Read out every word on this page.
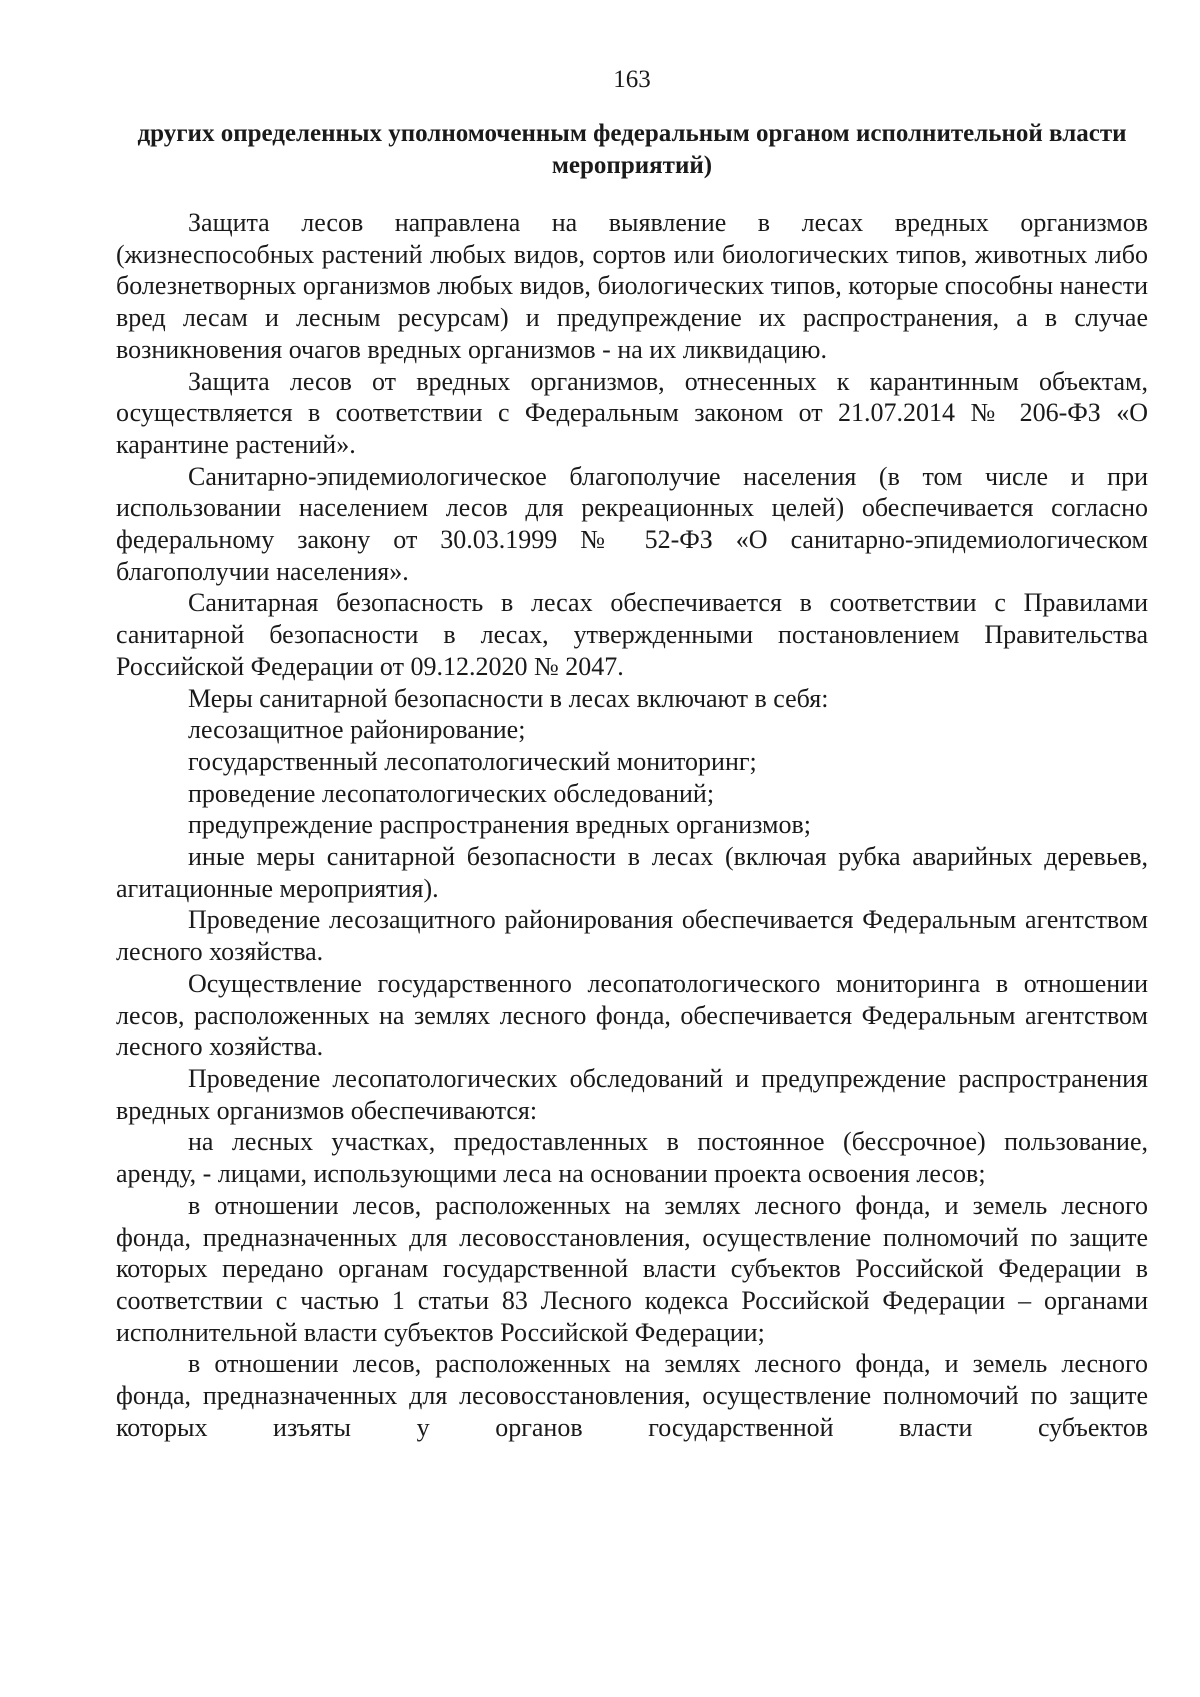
163
других определенных уполномоченным федеральным органом исполнительной власти мероприятий)

Защита лесов направлена на выявление в лесах вредных организмов (жизнеспособных растений любых видов, сортов или биологических типов, животных либо болезнетворных организмов любых видов, биологических типов, которые способны нанести вред лесам и лесным ресурсам) и предупреждение их распространения, а в случае возникновения очагов вредных организмов - на их ликвидацию.

Защита лесов от вредных организмов, отнесенных к карантинным объектам, осуществляется в соответствии с Федеральным законом от 21.07.2014 № 206-ФЗ «О карантине растений».

Санитарно-эпидемиологическое благополучие населения (в том числе и при использовании населением лесов для рекреационных целей) обеспечивается согласно федеральному закону от 30.03.1999 № 52-ФЗ «О санитарно-эпидемиологическом благополучии населения».

Санитарная безопасность в лесах обеспечивается в соответствии с Правилами санитарной безопасности в лесах, утвержденными постановлением Правительства Российской Федерации от 09.12.2020 № 2047.

Меры санитарной безопасности в лесах включают в себя:

лесозащитное районирование;

государственный лесопатологический мониторинг;

проведение лесопатологических обследований;

предупреждение распространения вредных организмов;

иные меры санитарной безопасности в лесах (включая рубка аварийных деревьев, агитационные мероприятия).

Проведение лесозащитного районирования обеспечивается Федеральным агентством лесного хозяйства.

Осуществление государственного лесопатологического мониторинга в отношении лесов, расположенных на землях лесного фонда, обеспечивается Федеральным агентством лесного хозяйства.

Проведение лесопатологических обследований и предупреждение распространения вредных организмов обеспечиваются:

на лесных участках, предоставленных в постоянное (бессрочное) пользование, аренду, - лицами, использующими леса на основании проекта освоения лесов;

в отношении лесов, расположенных на землях лесного фонда, и земель лесного фонда, предназначенных для лесовосстановления, осуществление полномочий по защите которых передано органам государственной власти субъектов Российской Федерации в соответствии с частью 1 статьи 83 Лесного кодекса Российской Федерации – органами исполнительной власти субъектов Российской Федерации;

в отношении лесов, расположенных на землях лесного фонда, и земель лесного фонда, предназначенных для лесовосстановления, осуществление полномочий по защите которых изъяты у органов государственной власти субъектов
